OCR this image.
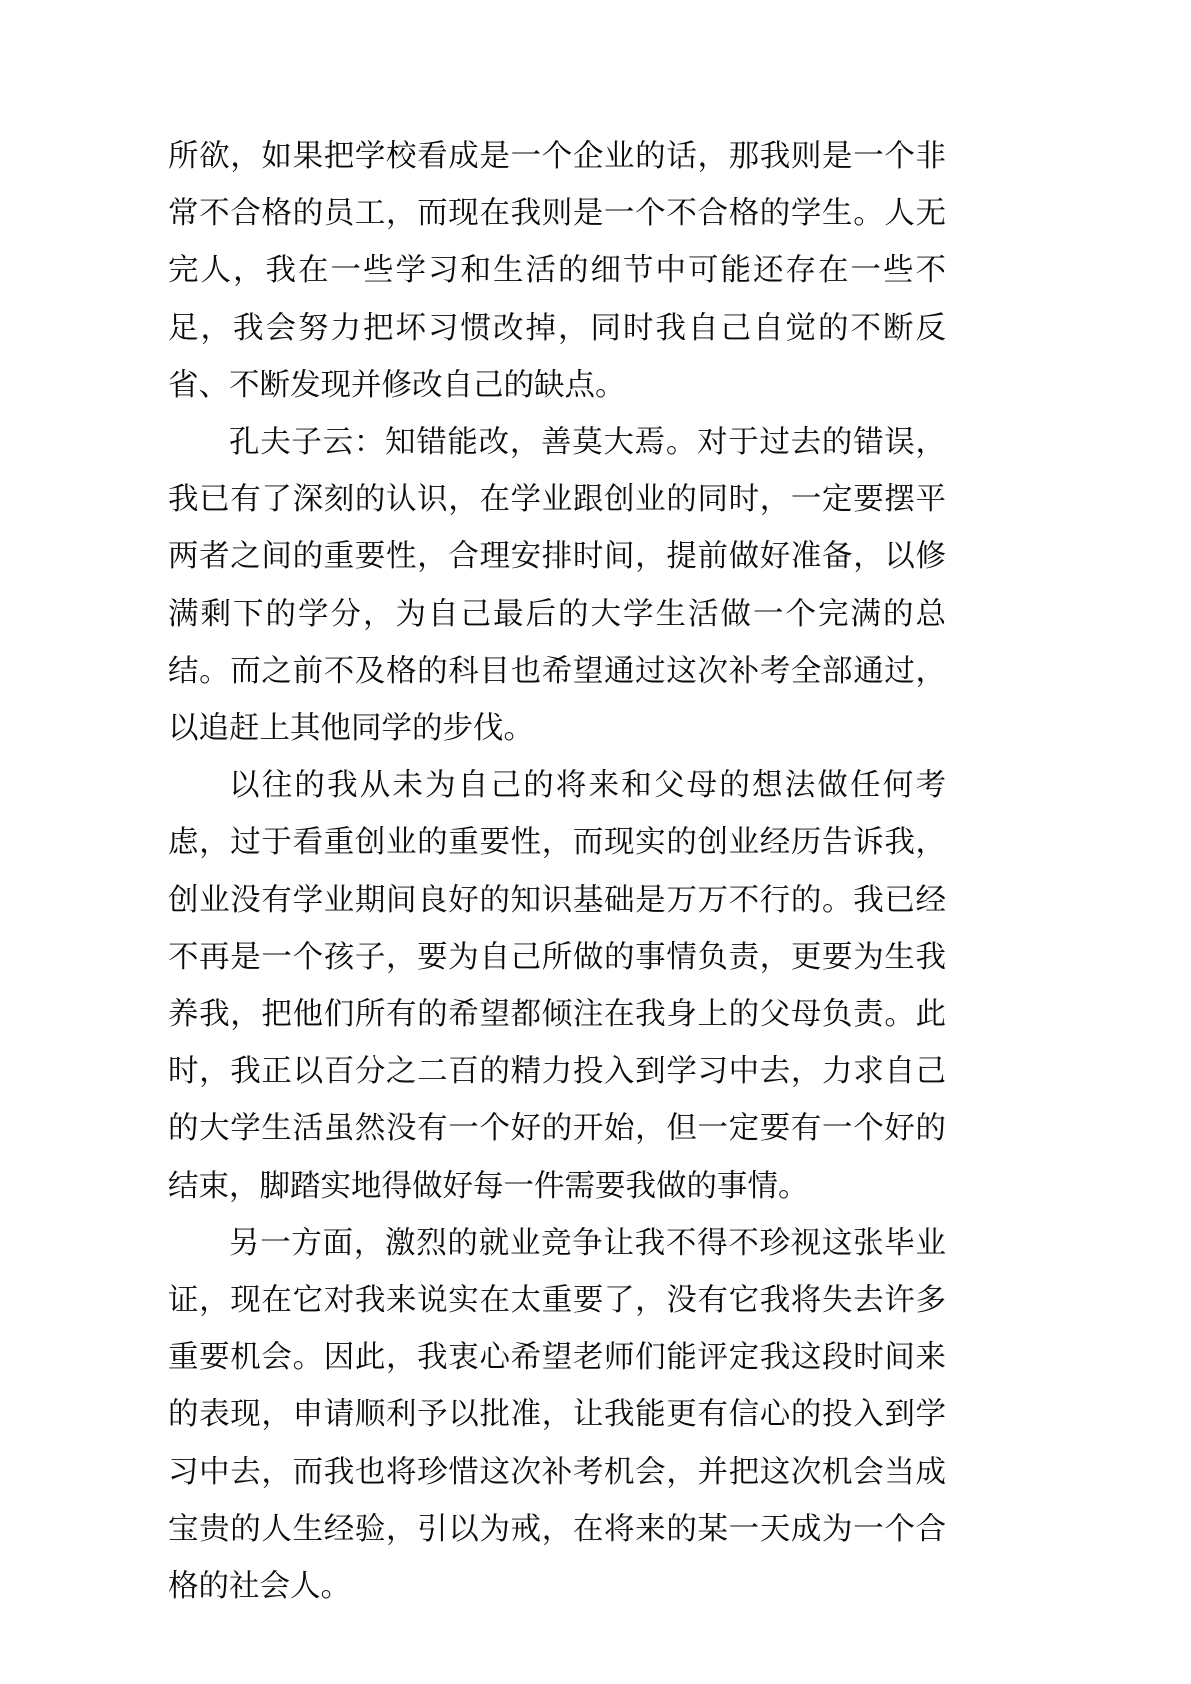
所欲，如果把学校看成是一个企业的话，那我则是一个非常不合格的员工，而现在我则是一个不合格的学生。人无完人，我在一些学习和生活的细节中可能还存在一些不足，我会努力把坏习惯改掉，同时我自己自觉的不断反省、不断发现并修改自己的缺点。

孔夫子云：知错能改，善莫大焉。对于过去的错误，我已有了深刻的认识，在学业跟创业的同时，一定要摆平两者之间的重要性，合理安排时间，提前做好准备，以修满剩下的学分，为自己最后的大学生活做一个完满的总结。而之前不及格的科目也希望通过这次补考全部通过，以追赶上其他同学的步伐。

以往的我从未为自己的将来和父母的想法做任何考虑，过于看重创业的重要性，而现实的创业经历告诉我，创业没有学业期间良好的知识基础是万万不行的。我已经不再是一个孩子，要为自己所做的事情负责，更要为生我养我，把他们所有的希望都倾注在我身上的父母负责。此时，我正以百分之二百的精力投入到学习中去，力求自己的大学生活虽然没有一个好的开始，但一定要有一个好的结束，脚踏实地得做好每一件需要我做的事情。

另一方面，激烈的就业竞争让我不得不珍视这张毕业证，现在它对我来说实在太重要了，没有它我将失去许多重要机会。因此，我衷心希望老师们能评定我这段时间来的表现，申请顺利予以批准，让我能更有信心的投入到学习中去，而我也将珍惜这次补考机会，并把这次机会当成宝贵的人生经验，引以为戒，在将来的某一天成为一个合格的社会人。
